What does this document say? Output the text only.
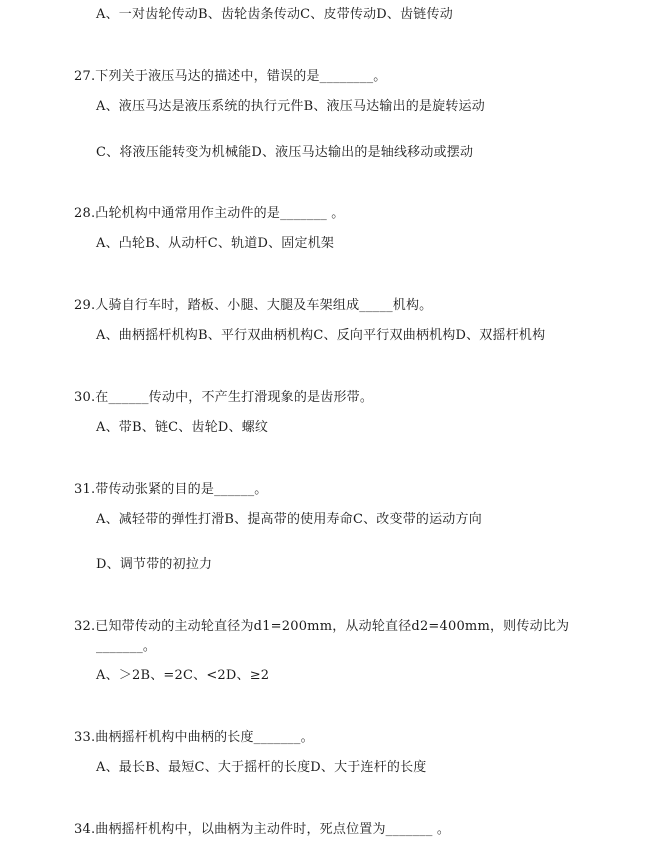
A、一对齿轮传动B、齿轮齿条传动C、皮带传动D、齿链传动
27.下列关于液压马达的描述中，错误的是________。
A、液压马达是液压系统的执行元件B、液压马达输出的是旋转运动
C、将液压能转变为机械能D、液压马达输出的是轴线移动或摆动
28.凸轮机构中通常用作主动件的是_______ 。
A、凸轮B、从动杆C、轨道D、固定机架
29.人骑自行车时，踏板、小腿、大腿及车架组成_____机构。
A、曲柄摇杆机构B、平行双曲柄机构C、反向平行双曲柄机构D、双摇杆机构
30.在______传动中，不产生打滑现象的是齿形带。
A、带B、链C、齿轮D、螺纹
31.带传动张紧的目的是______。
A、减轻带的弹性打滑B、提高带的使用寿命C、改变带的运动方向
D、调节带的初拉力
32.已知带传动的主动轮直径为d1=200mm，从动轮直径d2=400mm，则传动比为
_______。
A、＞2B、=2C、<2D、≥2
33.曲柄摇杆机构中曲柄的长度_______。
A、最长B、最短C、大于摇杆的长度D、大于连杆的长度
34.曲柄摇杆机构中，以曲柄为主动件时，死点位置为_______ 。
